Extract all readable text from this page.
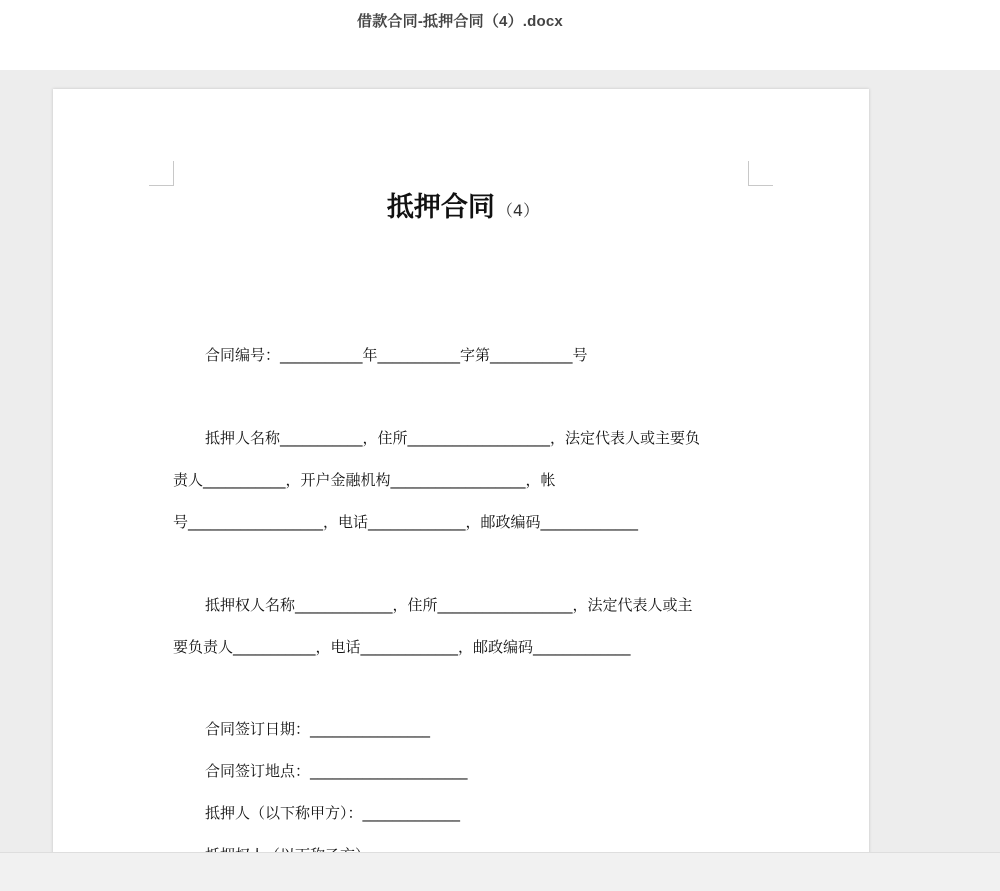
借款合同-抵押合同（4）.docx
抵押合同 （4）
合同编号：___________年___________字第___________号
抵押人名称___________，住所___________________，法定代表人或主要负
责人___________，开户金融机构__________________，帐
号__________________，电话_____________，邮政编码_____________
抵押权人名称_____________，住所__________________，法定代表人或主
要负责人___________，电话_____________，邮政编码_____________
合同签订日期：________________
合同签订地点：_____________________
抵押人（以下称甲方）：_____________
